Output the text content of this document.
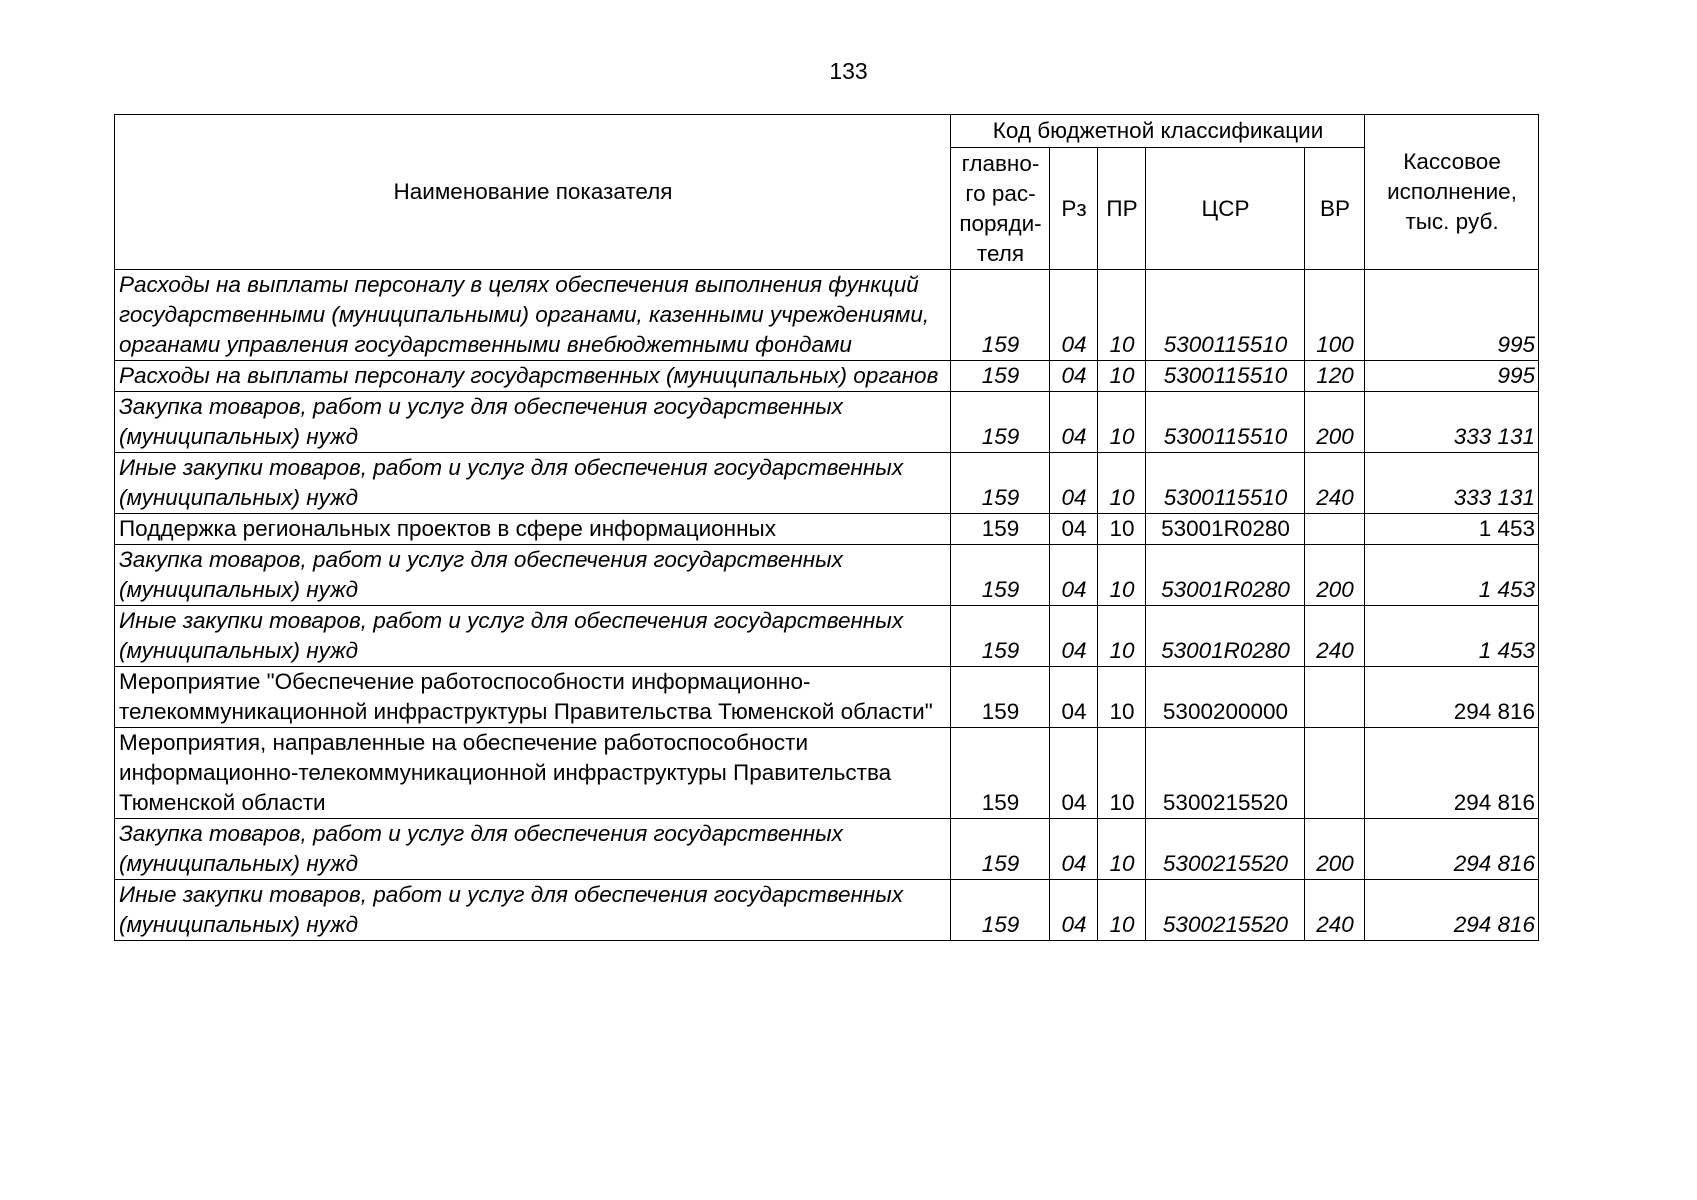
133
Наименование показателя	Код бюджетной классификации					Кассовое исполнение, тыс. руб.
	главно-го рас-поряди-теля	Рз	ПР	ЦСР	ВР	
Расходы на выплаты персоналу в целях обеспечения выполнения функций государственными (муниципальными) органами, казенными учреждениями, органами управления государственными внебюджетными фондами	159	04	10	5300115510	100	995
Расходы на выплаты персоналу государственных (муниципальных) органов	159	04	10	5300115510	120	995
Закупка товаров, работ и услуг для обеспечения государственных (муниципальных) нужд	159	04	10	5300115510	200	333 131
Иные закупки товаров, работ и услуг для обеспечения государственных (муниципальных) нужд	159	04	10	5300115510	240	333 131
Поддержка региональных проектов в сфере информационных	159	04	10	53001R0280		1 453
Закупка товаров, работ и услуг для обеспечения государственных (муниципальных) нужд	159	04	10	53001R0280	200	1 453
Иные закупки товаров, работ и услуг для обеспечения государственных (муниципальных) нужд	159	04	10	53001R0280	240	1 453
Мероприятие "Обеспечение работоспособности информационно-телекоммуникационной инфраструктуры Правительства Тюменской области"	159	04	10	5300200000		294 816
Мероприятия, направленные на обеспечение работоспособности информационно-телекоммуникационной инфраструктуры Правительства Тюменской области	159	04	10	5300215520		294 816
Закупка товаров, работ и услуг для обеспечения государственных (муниципальных) нужд	159	04	10	5300215520	200	294 816
Иные закупки товаров, работ и услуг для обеспечения государственных (муниципальных) нужд	159	04	10	5300215520	240	294 816
